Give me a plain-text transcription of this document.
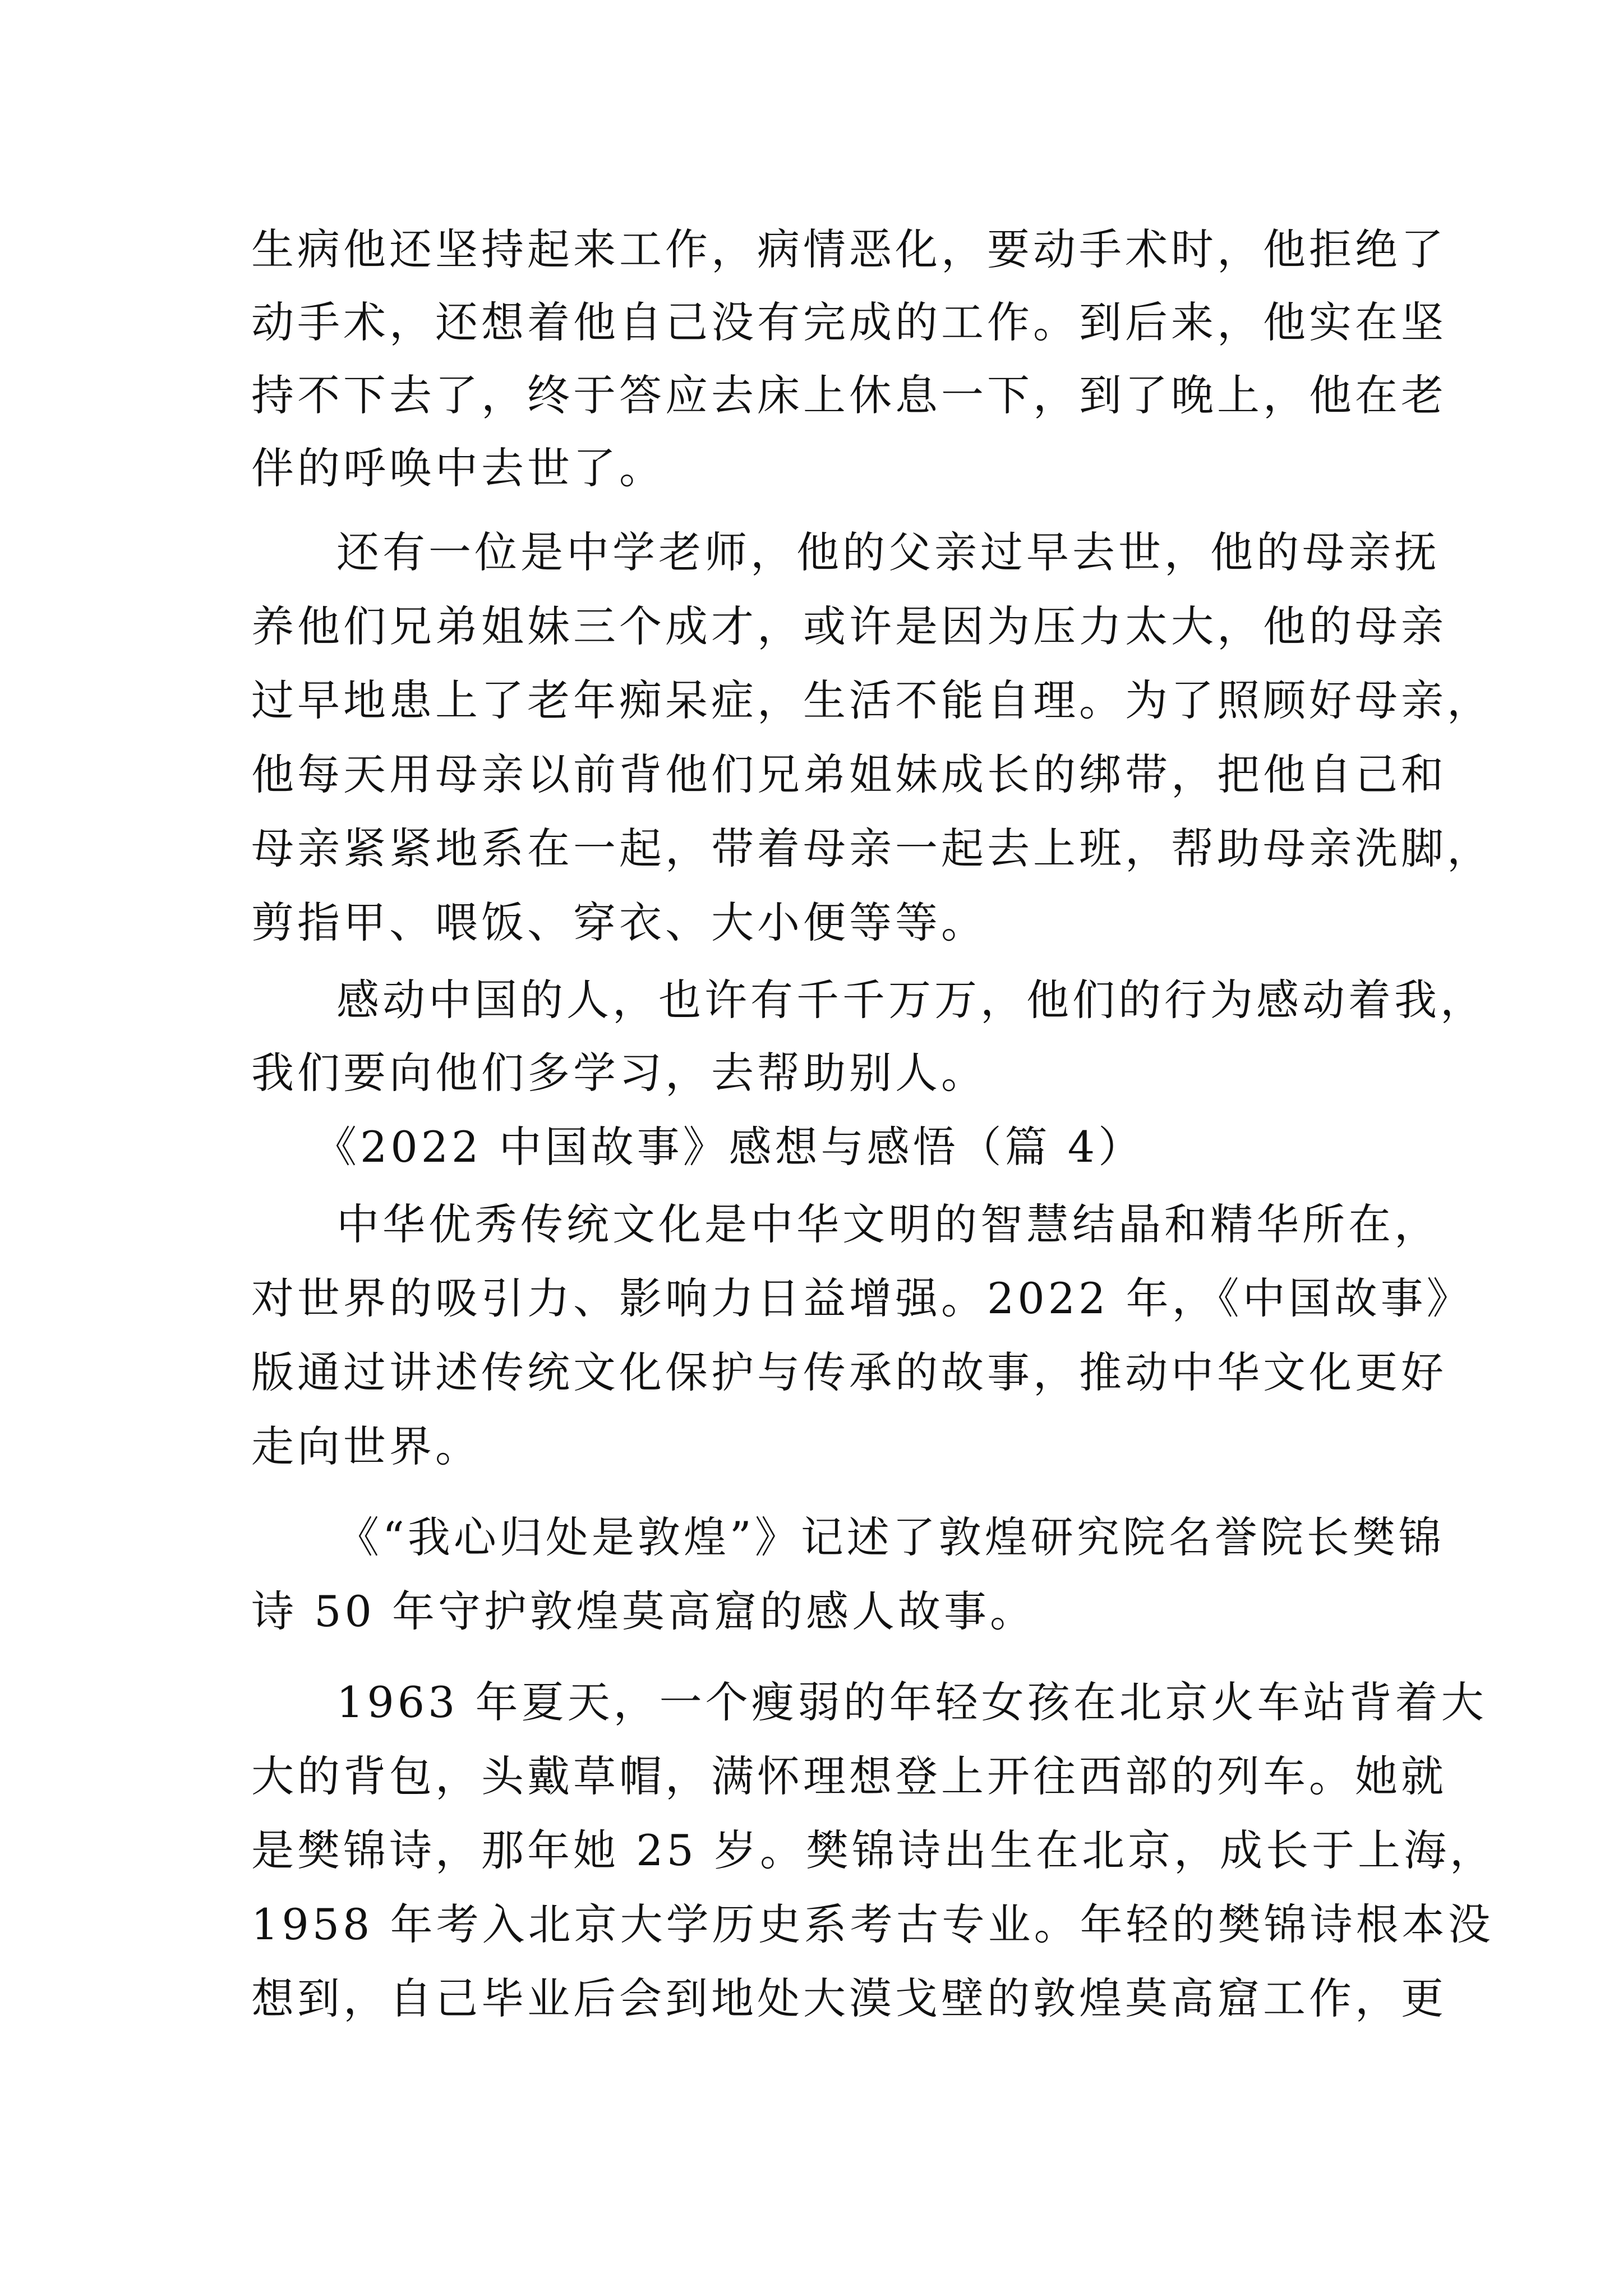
生病他还坚持起来工作，病情恶化，要动手术时，他拒绝了

动手术，还想着他自己没有完成的工作。到后来，他实在坚

持不下去了，终于答应去床上休息一下，到了晚上，他在老

伴的呼唤中去世了。

还有一位是中学老师，他的父亲过早去世，他的母亲抚

养他们兄弟姐妹三个成才，或许是因为压力太大，他的母亲

过早地患上了老年痴呆症，生活不能自理。为了照顾好母亲，

他每天用母亲以前背他们兄弟姐妹成长的绑带，把他自己和

母亲紧紧地系在一起，带着母亲一起去上班，帮助母亲洗脚，

剪指甲、喂饭、穿衣、大小便等等。

感动中国的人，也许有千千万万，他们的行为感动着我，

我们要向他们多学习，去帮助别人。

《2022 中国故事》感想与感悟（篇 4）

中华优秀传统文化是中华文明的智慧结晶和精华所在，

对世界的吸引力、影响力日益增强。2022 年，《中国故事》

版通过讲述传统文化保护与传承的故事，推动中华文化更好

走向世界。

《“我心归处是敦煌”》记述了敦煌研究院名誉院长樊锦

诗 50 年守护敦煌莫高窟的感人故事。

1963 年夏天，一个瘦弱的年轻女孩在北京火车站背着大

大的背包，头戴草帽，满怀理想登上开往西部的列车。她就

是樊锦诗，那年她 25 岁。樊锦诗出生在北京，成长于上海，

1958 年考入北京大学历史系考古专业。年轻的樊锦诗根本没

想到，自己毕业后会到地处大漠戈壁的敦煌莫高窟工作，更
